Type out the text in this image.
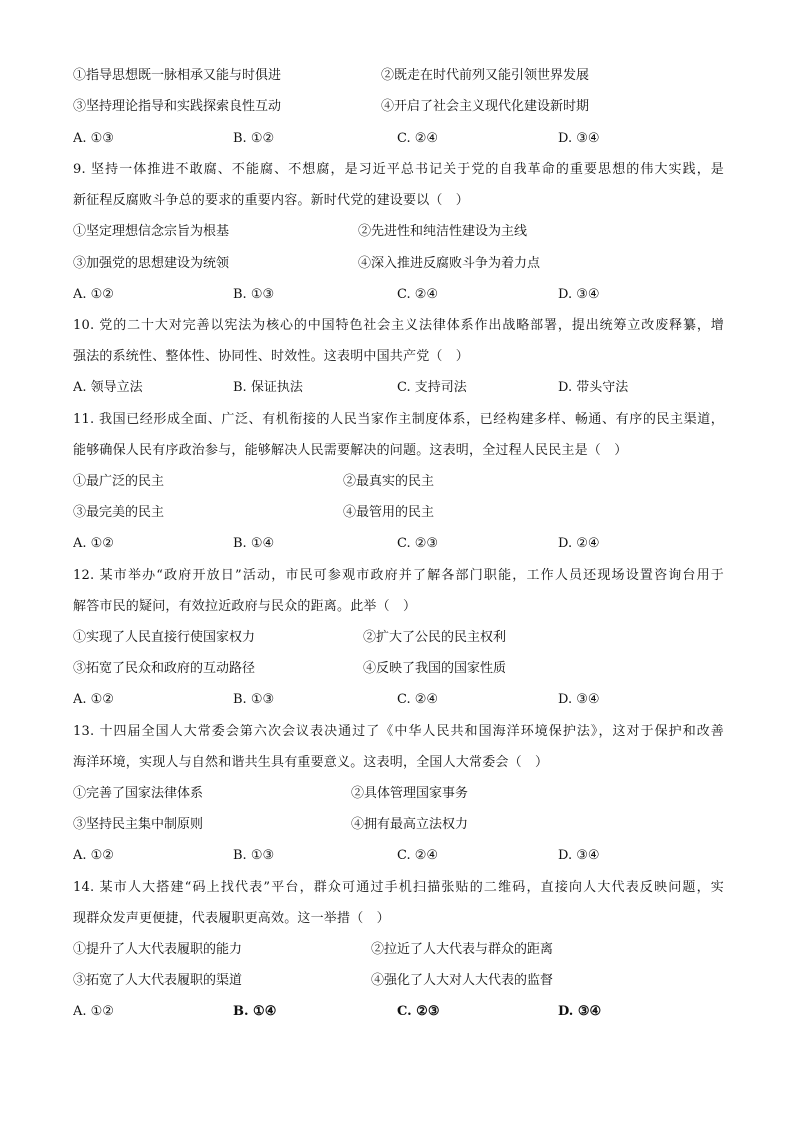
①指导思想既一脉相承又能与时俱进	②既走在时代前列又能引领世界发展
③坚持理论指导和实践探索良性互动	④开启了社会主义现代化建设新时期
A. ①③	B. ①②	C. ②④	D. ③④
9. 坚持一体推进不敢腐、不能腐、不想腐，是习近平总书记关于党的自我革命的重要思想的伟大实践，是
新征程反腐败斗争总的要求的重要内容。新时代党的建设要以（　）
①坚定理想信念宗旨为根基	②先进性和纯洁性建设为主线
③加强党的思想建设为统领	④深入推进反腐败斗争为着力点
A. ①②	B. ①③	C. ②④	D. ③④
10. 党的二十大对完善以宪法为核心的中国特色社会主义法律体系作出战略部署，提出统筹立改废释纂，增
强法的系统性、整体性、协同性、时效性。这表明中国共产党（　）
A. 领导立法	B. 保证执法	C. 支持司法	D. 带头守法
11. 我国已经形成全面、广泛、有机衔接的人民当家作主制度体系，已经构建多样、畅通、有序的民主渠道，
能够确保人民有序政治参与，能够解决人民需要解决的问题。这表明，全过程人民民主是（　）
①最广泛的民主	②最真实的民主
③最完美的民主	④最管用的民主
A. ①②	B. ①④	C. ②③	D. ②④
12. 某市举办“政府开放日”活动，市民可参观市政府并了解各部门职能，工作人员还现场设置咨询台用于
解答市民的疑问，有效拉近政府与民众的距离。此举（　）
①实现了人民直接行使国家权力	②扩大了公民的民主权利
③拓宽了民众和政府的互动路径	④反映了我国的国家性质
A. ①②	B. ①③	C. ②④	D. ③④
13. 十四届全国人大常委会第六次会议表决通过了《中华人民共和国海洋环境保护法》，这对于保护和改善
海洋环境，实现人与自然和谐共生具有重要意义。这表明，全国人大常委会（　）
①完善了国家法律体系	②具体管理国家事务
③坚持民主集中制原则	④拥有最高立法权力
A. ①②	B. ①③	C. ②④	D. ③④
14. 某市人大搭建“码上找代表”平台，群众可通过手机扫描张贴的二维码，直接向人大代表反映问题，实
现群众发声更便捷，代表履职更高效。这一举措（　）
①提升了人大代表履职的能力	②拉近了人大代表与群众的距离
③拓宽了人大代表履职的渠道	④强化了人大对人大代表的监督
A. ①②	B. ①④	C. ②③	D. ③④
